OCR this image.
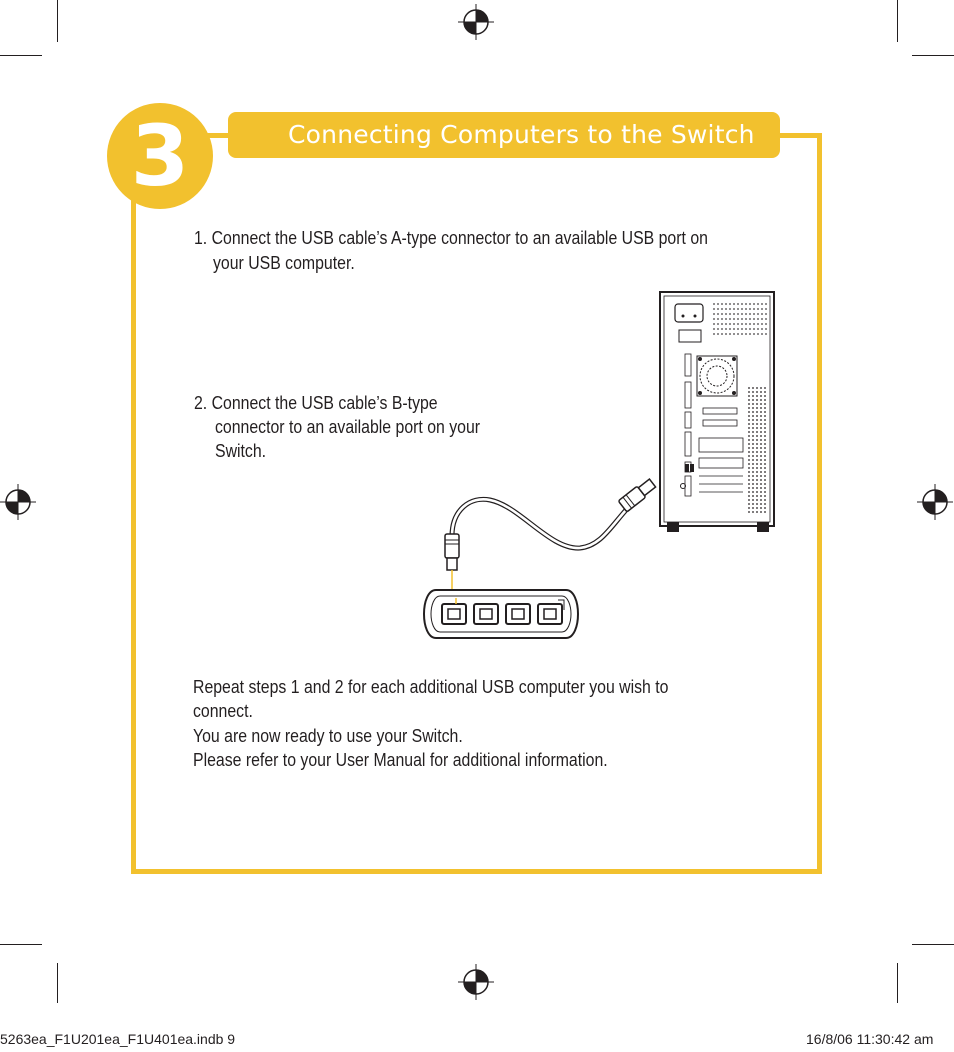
3	Connecting Computers to the Switch
1. Connect the USB cable’s A-type connector to an available USB port on
your USB computer.
2. Connect the USB cable’s B-type
connector to an available port on your
Switch.
Repeat steps 1 and 2 for each additional USB computer you wish to
connect.
You are now ready to use your Switch.
Please refer to your User Manual for additional information.
5263ea_F1U201ea_F1U401ea.indb 9	16/8/06 11:30:42 am
